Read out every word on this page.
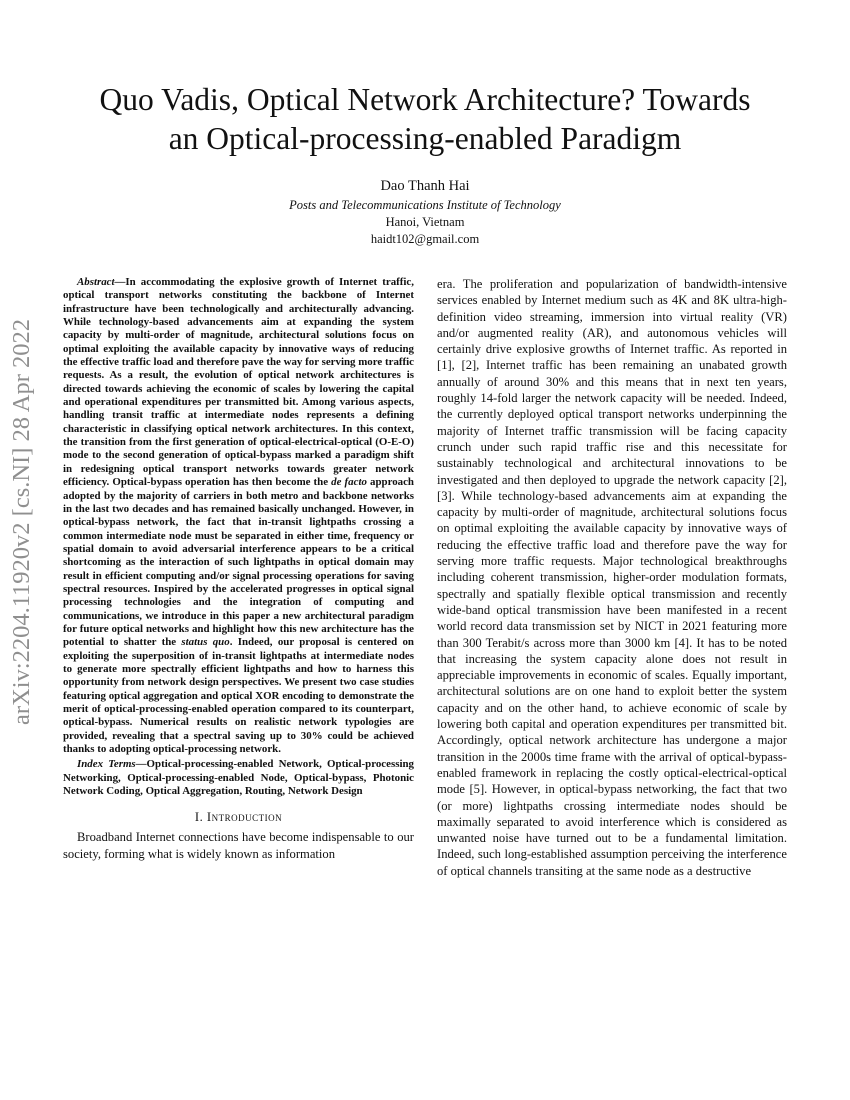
Quo Vadis, Optical Network Architecture? Towards
an Optical-processing-enabled Paradigm
Dao Thanh Hai
Posts and Telecommunications Institute of Technology
Hanoi, Vietnam
haidt102@gmail.com
arXiv:2204.11920v2 [cs.NI] 28 Apr 2022

Abstract—In accommodating the explosive growth of Internet traffic, optical transport networks constituting the backbone of Internet infrastructure have been technologically and architecturally advancing. While technology-based advancements aim at expanding the system capacity by multi-order of magnitude, architectural solutions focus on optimal exploiting the available capacity by innovative ways of reducing the effective traffic load and therefore pave the way for serving more traffic requests. As a result, the evolution of optical network architectures is directed towards achieving the economic of scales by lowering the capital and operational expenditures per transmitted bit. Among various aspects, handling transit traffic at intermediate nodes represents a defining characteristic in classifying optical network architectures. In this context, the transition from the first generation of optical-electrical-optical (O-E-O) mode to the second generation of optical-bypass marked a paradigm shift in redesigning optical transport networks towards greater network efficiency. Optical-bypass operation has then become the de facto approach adopted by the majority of carriers in both metro and backbone networks in the last two decades and has remained basically unchanged. However, in optical-bypass network, the fact that in-transit lightpaths crossing a common intermediate node must be separated in either time, frequency or spatial domain to avoid adversarial interference appears to be a critical shortcoming as the interaction of such lightpaths in optical domain may result in efficient computing and/or signal processing operations for saving spectral resources. Inspired by the accelerated progresses in optical signal processing technologies and the integration of computing and communications, we introduce in this paper a new architectural paradigm for future optical networks and highlight how this new architecture has the potential to shatter the status quo. Indeed, our proposal is centered on exploiting the superposition of in-transit lightpaths at intermediate nodes to generate more spectrally efficient lightpaths and how to harness this opportunity from network design perspectives. We present two case studies featuring optical aggregation and optical XOR encoding to demonstrate the merit of optical-processing-enabled operation compared to its counterpart, optical-bypass. Numerical results on realistic network typologies are provided, revealing that a spectral saving up to 30% could be achieved thanks to adopting optical-processing network.

Index Terms—Optical-processing-enabled Network, Optical-processing Networking, Optical-processing-enabled Node, Optical-bypass, Photonic Network Coding, Optical Aggregation, Routing, Network Design

I. Introduction

Broadband Internet connections have become indispensable to our society, forming what is widely known as information

era. The proliferation and popularization of bandwidth-intensive services enabled by Internet medium such as 4K and 8K ultra-high-definition video streaming, immersion into virtual reality (VR) and/or augmented reality (AR), and autonomous vehicles will certainly drive explosive growths of Internet traffic. As reported in [1], [2], Internet traffic has been remaining an unabated growth annually of around 30% and this means that in next ten years, roughly 14-fold larger the network capacity will be needed. Indeed, the currently deployed optical transport networks underpinning the majority of Internet traffic transmission will be facing capacity crunch under such rapid traffic rise and this necessitate for sustainably technological and architectural innovations to be investigated and then deployed to upgrade the network capacity [2], [3]. While technology-based advancements aim at expanding the capacity by multi-order of magnitude, architectural solutions focus on optimal exploiting the available capacity by innovative ways of reducing the effective traffic load and therefore pave the way for serving more traffic requests. Major technological breakthroughs including coherent transmission, higher-order modulation formats, spectrally and spatially flexible optical transmission and recently wide-band optical transmission have been manifested in a recent world record data transmission set by NICT in 2021 featuring more than 300 Terabit/s across more than 3000 km [4]. It has to be noted that increasing the system capacity alone does not result in appreciable improvements in economic of scales. Equally important, architectural solutions are on one hand to exploit better the system capacity and on the other hand, to achieve economic of scale by lowering both capital and operation expenditures per transmitted bit. Accordingly, optical network architecture has undergone a major transition in the 2000s time frame with the arrival of optical-bypass-enabled framework in replacing the costly optical-electrical-optical mode [5]. However, in optical-bypass networking, the fact that two (or more) lightpaths crossing intermediate nodes should be maximally separated to avoid interference which is considered as unwanted noise have turned out to be a fundamental limitation. Indeed, such long-established assumption perceiving the interference of optical channels transiting at the same node as a destructive
